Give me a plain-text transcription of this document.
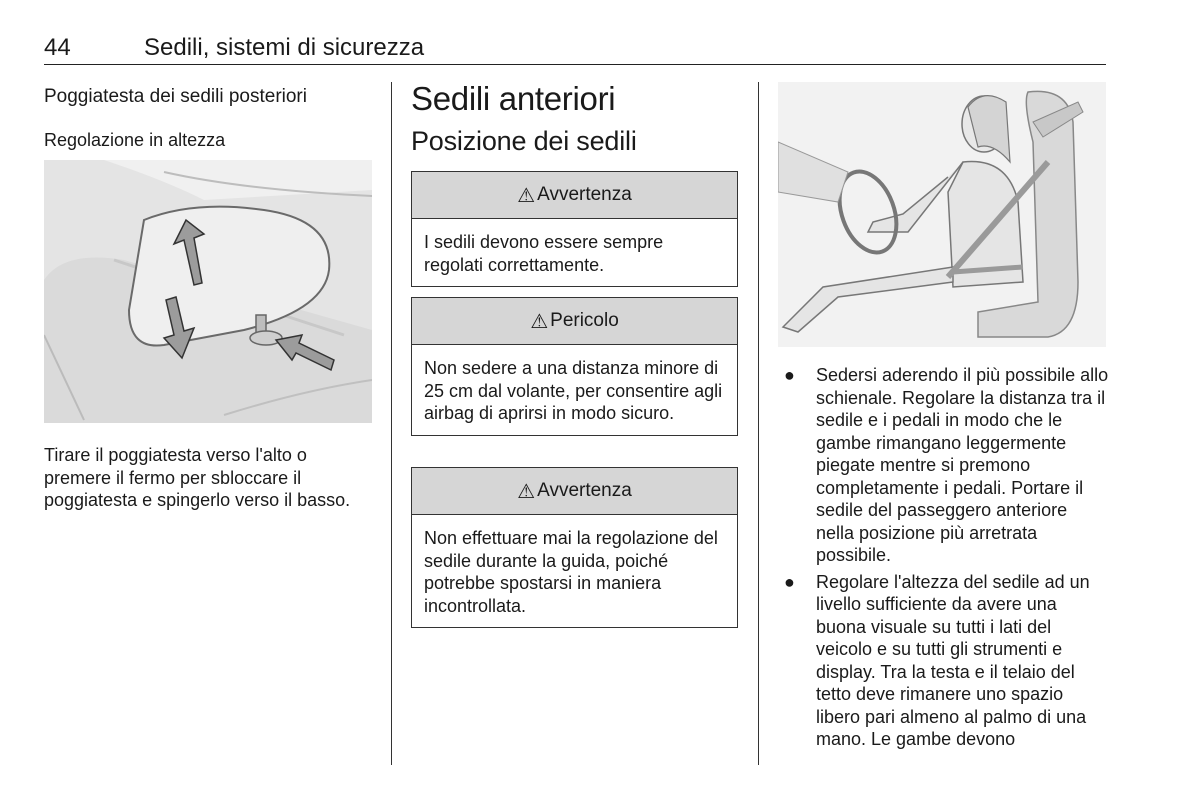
44	Sedili, sistemi di sicurezza
Poggiatesta dei sedili posteriori
Regolazione in altezza

Tirare il poggiatesta verso l'alto o premere il fermo per sbloccare il poggiatesta e spingerlo verso il basso.

Sedili anteriori
Posizione dei sedili
⚠ Avvertenza
I sedili devono essere sempre regolati correttamente.
⚠ Pericolo
Non sedere a una distanza minore di 25 cm dal volante, per consentire agli airbag di aprirsi in modo sicuro.
⚠ Avvertenza
Non effettuare mai la regolazione del sedile durante la guida, poiché potrebbe spostarsi in maniera incontrollata.
● Sedersi aderendo il più possibile allo schienale. Regolare la distanza tra il sedile e i pedali in modo che le gambe rimangano leggermente piegate mentre si premono completamente i pedali. Portare il sedile del passeggero anteriore nella posizione più arretrata possibile.
● Regolare l'altezza del sedile ad un livello sufficiente da avere una buona visuale su tutti i lati del veicolo e su tutti gli strumenti e display. Tra la testa e il telaio del tetto deve rimanere uno spazio libero pari almeno al palmo di una mano. Le gambe devono
